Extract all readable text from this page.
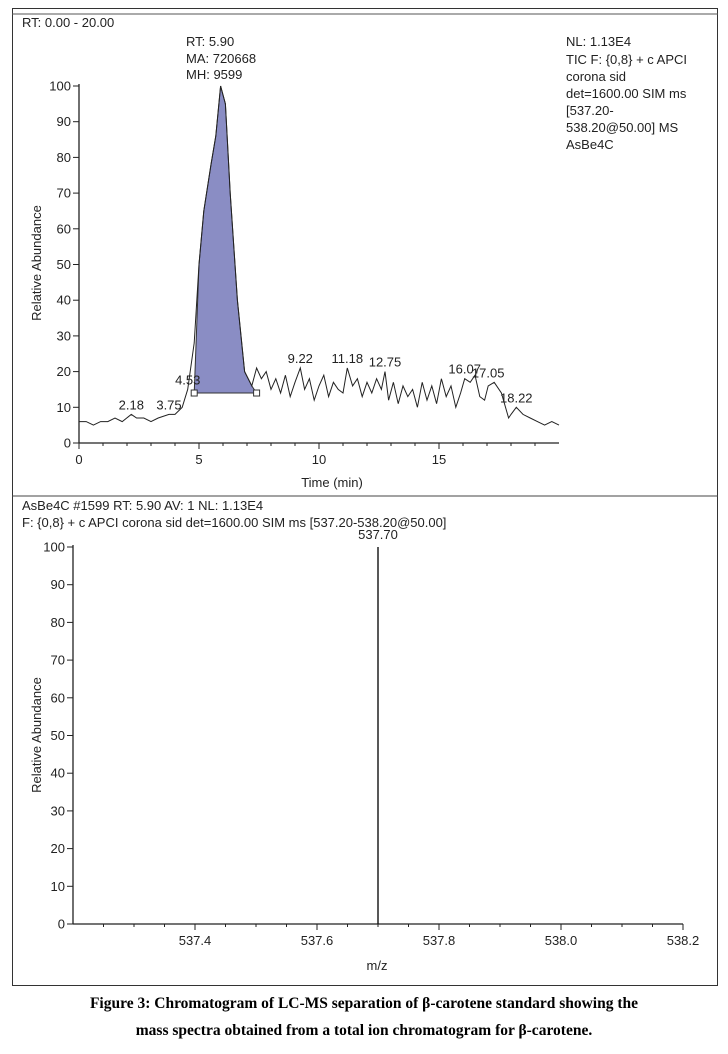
RT: 0.00 - 20.00
RT: 5.90
MA: 720668
MH: 9599
NL: 1.13E4
TIC F: {0,8} + c APCI
corona sid
det=1600.00 SIM ms
[537.20-
538.20@50.00] MS
AsBe4C
0
10
20
30
40
50
60
70
80
90
100
0	5	10	15
2.18 3.75
4.53
9.22 11.18 12.75	16.07
17.05
18.22
Time (min)
Relative Abundance
AsBe4C #1599 RT: 5.90 AV: 1 NL: 1.13E4
F: {0,8} + c APCI corona sid det=1600.00 SIM ms [537.20-538.20@50.00]
0
10
20
30
40
50
60
70
80
90
100
537.4	537.6	537.8	538.0	538.2
537.70
m/z
Relative Abundance
Figure 3: Chromatogram of LC-MS separation of β-carotene standard showing the
mass spectra obtained from a total ion chromatogram for β-carotene.
